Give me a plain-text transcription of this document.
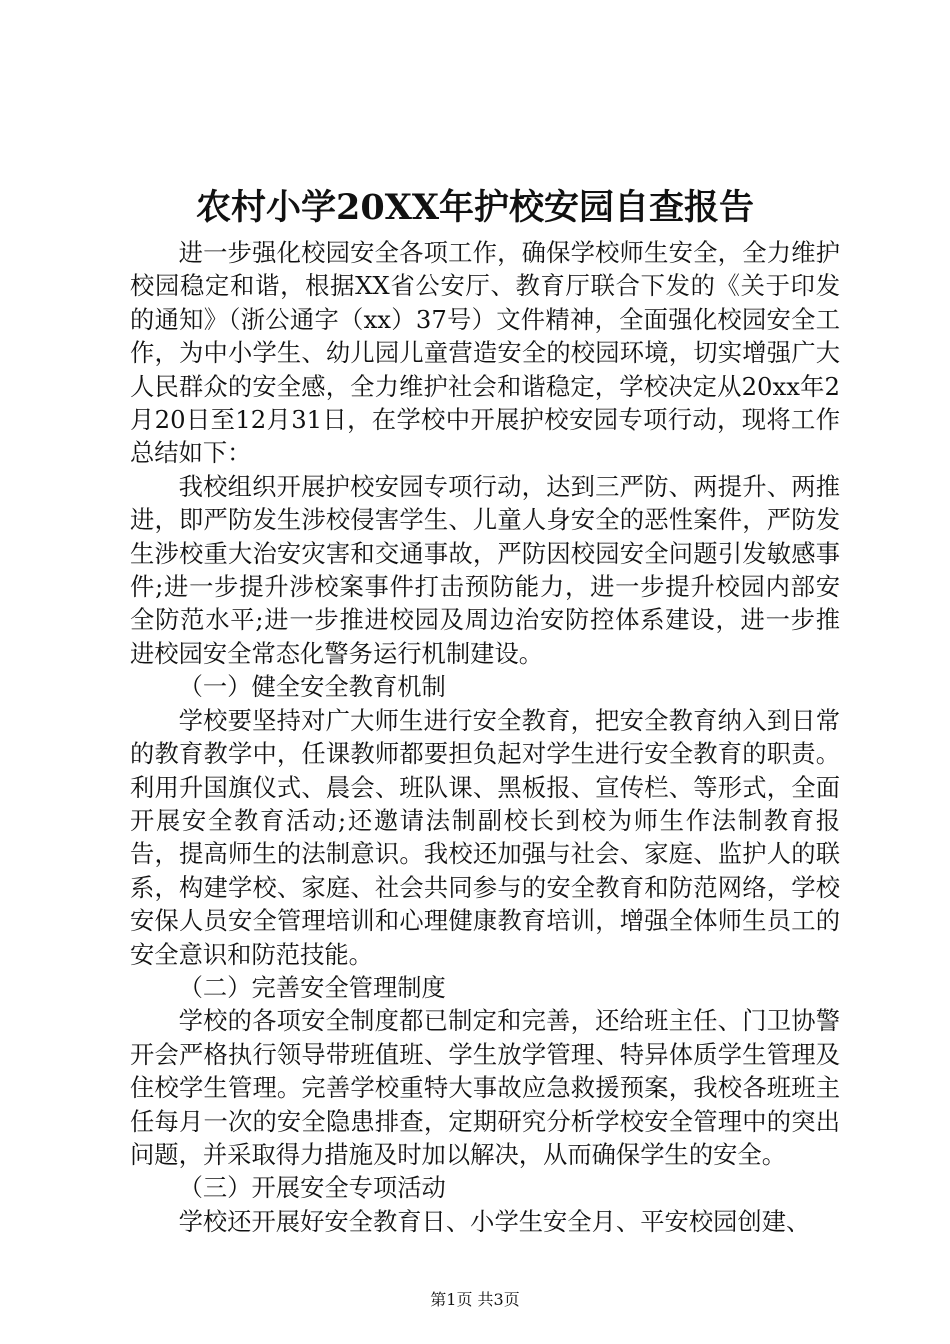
农村小学20XX年护校安园自查报告

进一步强化校园安全各项工作，确保学校师生安全，全力维护校园稳定和谐，根据XX省公安厅、教育厅联合下发的《关于印发的通知》（浙公通字（xx）37号）文件精神，全面强化校园安全工作，为中小学生、幼儿园儿童营造安全的校园环境，切实增强广大人民群众的安全感，全力维护社会和谐稳定，学校决定从20xx年2月20日至12月31日，在学校中开展护校安园专项行动，现将工作总结如下：

我校组织开展护校安园专项行动，达到三严防、两提升、两推进，即严防发生涉校侵害学生、儿童人身安全的恶性案件，严防发生涉校重大治安灾害和交通事故，严防因校园安全问题引发敏感事件;进一步提升涉校案事件打击预防能力，进一步提升校园内部安全防范水平;进一步推进校园及周边治安防控体系建设，进一步推进校园安全常态化警务运行机制建设。

（一）健全安全教育机制

学校要坚持对广大师生进行安全教育，把安全教育纳入到日常的教育教学中，任课教师都要担负起对学生进行安全教育的职责。利用升国旗仪式、晨会、班队课、黑板报、宣传栏、等形式，全面开展安全教育活动;还邀请法制副校长到校为师生作法制教育报告，提高师生的法制意识。我校还加强与社会、家庭、监护人的联系，构建学校、家庭、社会共同参与的安全教育和防范网络，学校安保人员安全管理培训和心理健康教育培训，增强全体师生员工的安全意识和防范技能。

（二）完善安全管理制度

学校的各项安全制度都已制定和完善，还给班主任、门卫协警开会严格执行领导带班值班、学生放学管理、特异体质学生管理及住校学生管理。完善学校重特大事故应急救援预案，我校各班班主任每月一次的安全隐患排查，定期研究分析学校安全管理中的突出问题，并采取得力措施及时加以解决，从而确保学生的安全。

（三）开展安全专项活动

学校还开展好安全教育日、小学生安全月、平安校园创建、

第1页 共3页
